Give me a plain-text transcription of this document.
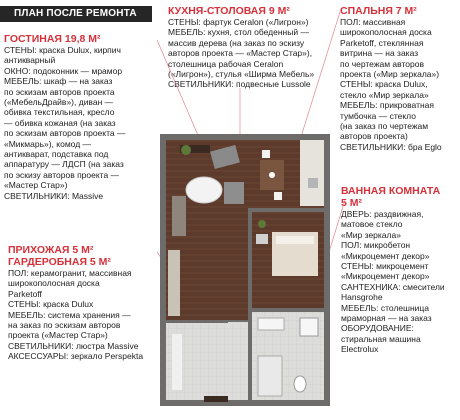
ПЛАН ПОСЛЕ РЕМОНТА
ГОСТИНАЯ 19,8 М²

СТЕНЫ: краска Dulux, кирпич

антикварный

ОКНО: подоконник — мрамор

МЕБЕЛЬ: шкаф — на заказ

по эскизам авторов проекта

(«МебельДрайв»), диван —

обивка текстильная, кресло

— обивка кожаная (на заказ

по эскизам авторов проекта —

«Микмарь»), комод —

антикварат, подставка под

аппаратуру — ЛДСП (на заказ

по эскизу авторов проекта —

«Мастер Стар»)

СВЕТИЛЬНИКИ: Massive

ПРИХОЖАЯ 5 М²
ГАРДЕРОБНАЯ 5 М²

ПОЛ: керамогранит, массивная

широкополосная доска

Parketoff

СТЕНЫ: краска Dulux

МЕБЕЛЬ: система хранения —

на заказ по эскизам авторов

проекта («Мастер Стар»)

СВЕТИЛЬНИКИ: люстра Massive

АКСЕССУАРЫ: зеркало Perspekta

КУХНЯ-СТОЛОВАЯ 9 М²

СТЕНЫ: фартук Ceralon («Лигрон»)

МЕБЕЛЬ: кухня, стол обеденный —

массив дерева (на заказ по эскизу

авторов проекта — «Мастер Стар»),

столешница рабочая Ceralon

(«Лигрон»), стулья «Ширма Мебель»

СВЕТИЛЬНИКИ: подвесные Lussole

СПАЛЬНЯ 7 М²

ПОЛ: массивная

широкополосная доска

Parketoff, стеклянная

витрина — на заказ

по чертежам авторов

проекта («Мир зеркала»)

СТЕНЫ: краска Dulux,

стекло «Мир зеркала»

МЕБЕЛЬ: прикроватная

тумбочка — стекло

(на заказ по чертежам

авторов проекта)

СВЕТИЛЬНИКИ: бра Eglo

ВАННАЯ КОМНАТА
5 М²

ДВЕРЬ: раздвижная,

матовое стекло

«Мир зеркала»

ПОЛ: микробетон

«Микроцемент декор»

СТЕНЫ: микроцемент

«Микроцемент декор»

САНТЕХНИКА: смесители

Hansgrohe

МЕБЕЛЬ: столешница

мраморная — на заказ

ОБОРУДОВАНИЕ:

стиральная машина

Electrolux
